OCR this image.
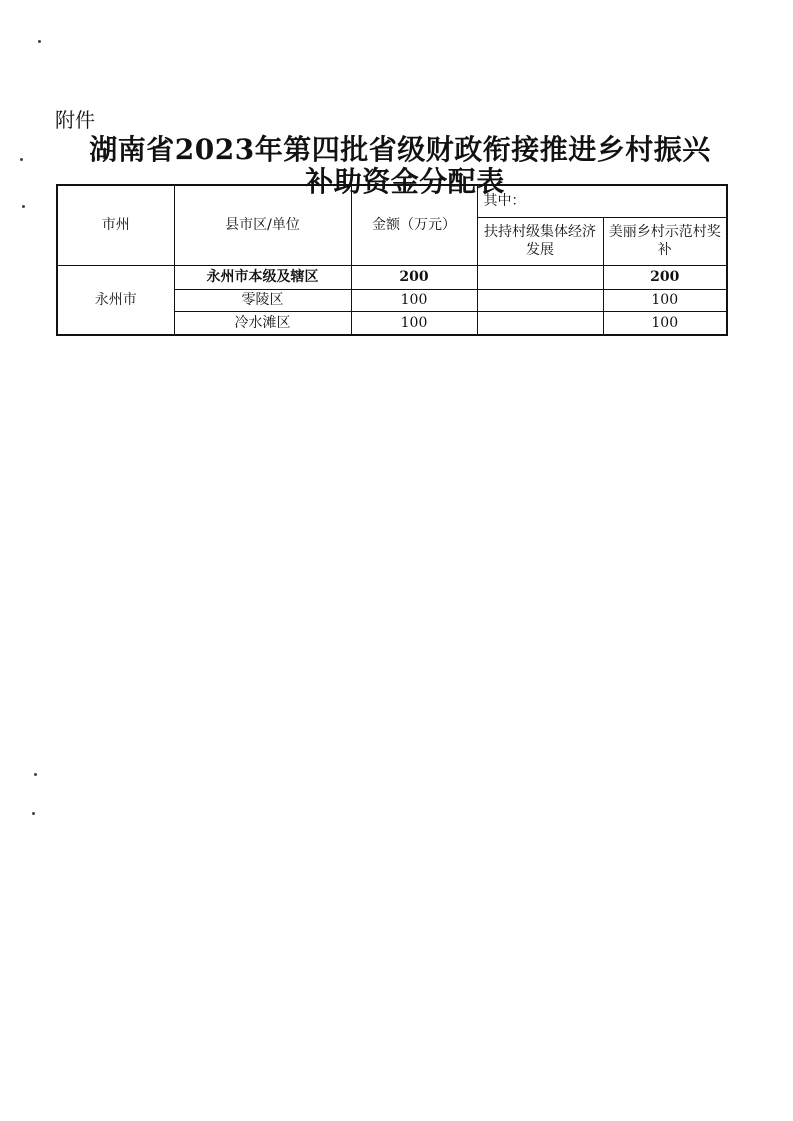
附件
湖南省2023年第四批省级财政衔接推进乡村振兴
补助资金分配表
市州	县市区/单位	金额（万元）	其中：	
			扶持村级集体经济发展	美丽乡村示范村奖补
永州市	永州市本级及辖区	200		200
	零陵区	100		100
	冷水滩区	100		100
